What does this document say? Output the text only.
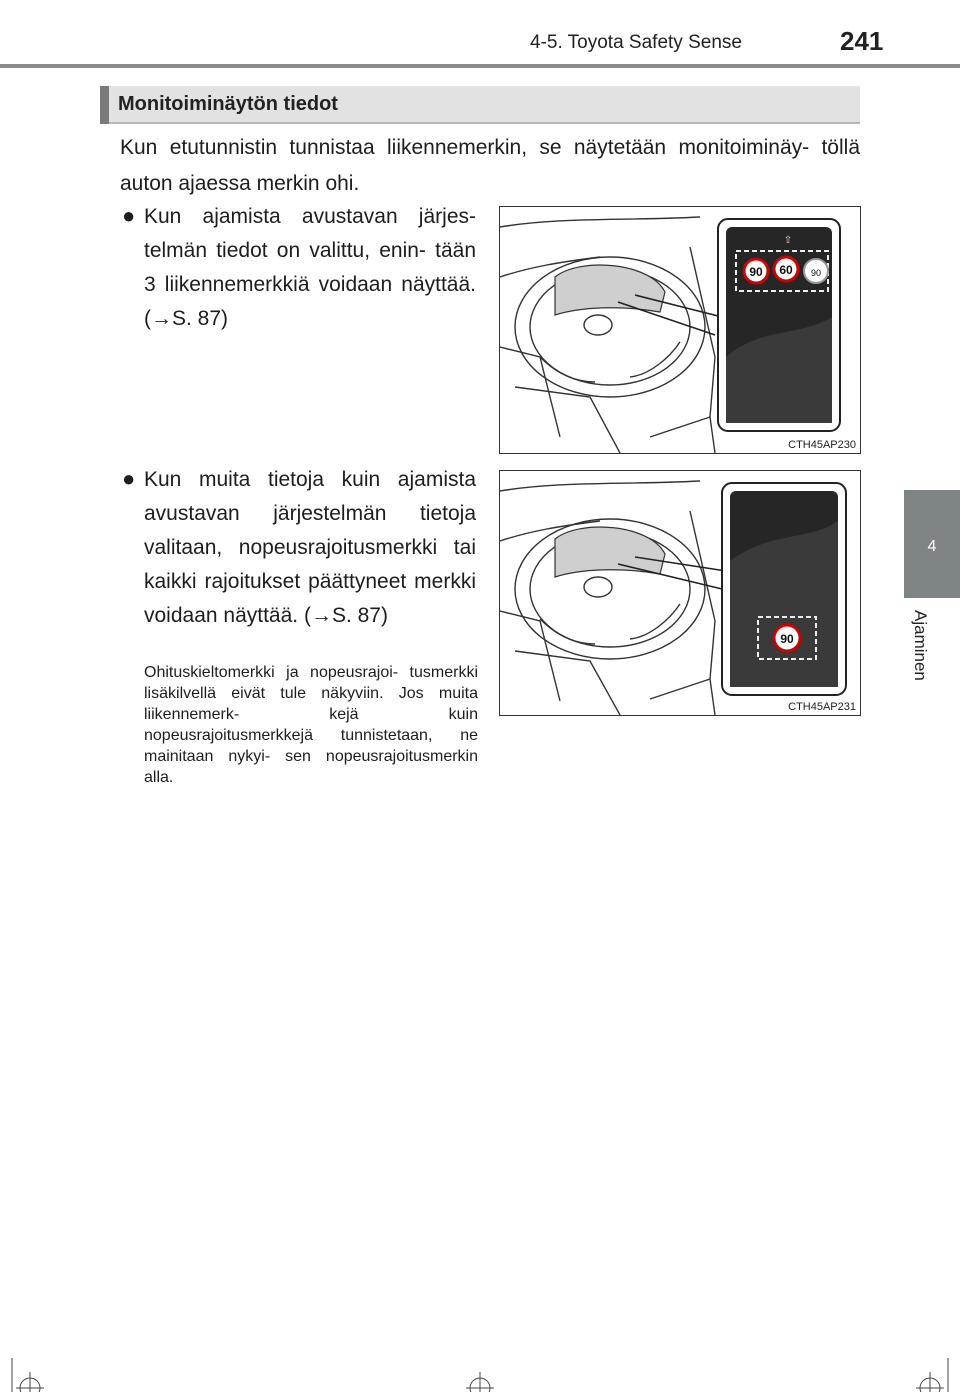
4-5. Toyota Safety Sense	241
4
Ajaminen
Monitoiminäytön tiedot
Kun etutunnistin tunnistaa liikennemerkin, se näytetään monitoiminäy- töllä auton ajaessa merkin ohi.
● Kun ajamista avustavan järjes- telmän tiedot on valittu, enin- tään 3 liikennemerkkiä voidaan näyttää. (→S. 87)
90 60 90
⇧
CTH45AP230
● Kun muita tietoja kuin ajamista avustavan järjestelmän tietoja valitaan, nopeusrajoitusmerkki tai kaikki rajoitukset päättyneet merkki voidaan näyttää. (→S. 87)
Ohituskieltomerkki ja nopeusrajoi- tusmerkki lisäkilvellä eivät tule näkyviin. Jos muita liikennemerk- kejä kuin nopeusrajoitusmerkkejä tunnistetaan, ne mainitaan nykyi- sen nopeusrajoitusmerkin alla.
90
CTH45AP231
